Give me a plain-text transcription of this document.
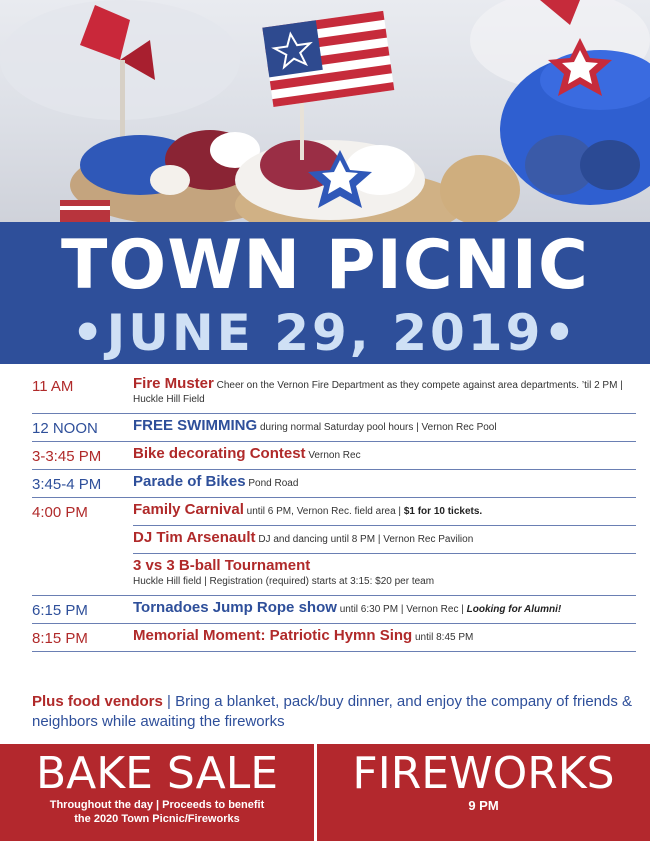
TOWN PICNIC
•JUNE 29, 2019•
11 AM	Fire Muster Cheer on the Vernon Fire Department as they compete against area departments. ’til 2 PM | Huckle Hill Field
12 NOON	FREE SWIMMING during normal Saturday pool hours | Vernon Rec Pool
3-3:45 PM	Bike decorating Contest Vernon Rec
3:45-4 PM	Parade of Bikes Pond Road
4:00 PM	Family Carnival until 6 PM, Vernon Rec. field area | $1 for 10 tickets.
DJ Tim Arsenault DJ and dancing until 8 PM | Vernon Rec Pavilion
3 vs 3 B-ball Tournament
Huckle Hill field | Registration (required) starts at 3:15: $20 per team
6:15 PM	Tornadoes Jump Rope show until 6:30 PM | Vernon Rec | Looking for Alumni!
8:15 PM	Memorial Moment: Patriotic Hymn Sing until 8:45 PM
Plus food vendors | Bring a blanket, pack/buy dinner, and enjoy the company of friends & neighbors while awaiting the fireworks
BAKE SALE
Throughout the day | Proceeds to benefit the 2020 Town Picnic/Fireworks
FIREWORKS
9 PM
